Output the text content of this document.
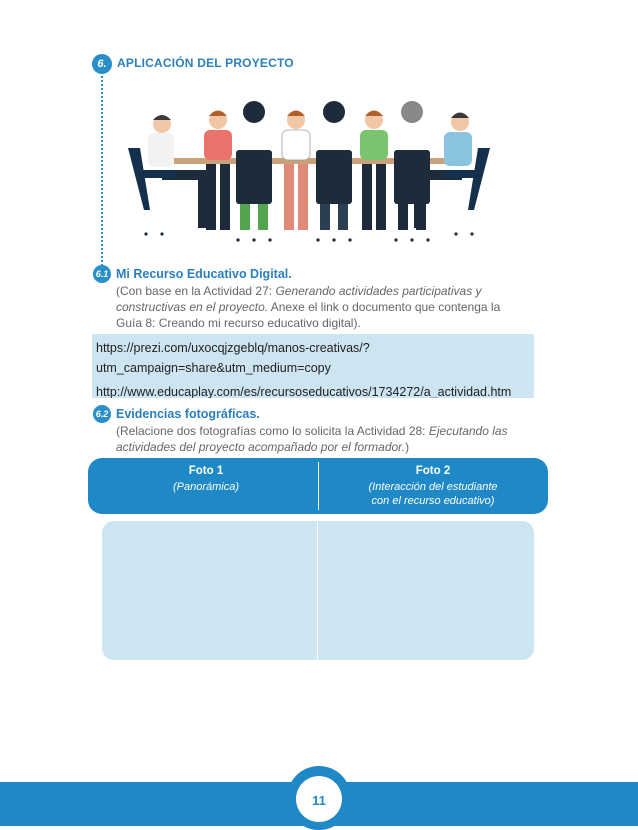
6. APLICACIÓN DEL PROYECTO
6.1 Mi Recurso Educativo Digital.
(Con base en la Actividad 27: Generando actividades participativas y constructivas en el proyecto. Anexe el link o documento que contenga la Guía 8: Creando mi recurso educativo digital).
https://prezi.com/uxocqjzgeblq/manos-creativas/?
utm_campaign=share&utm_medium=copy
http://www.educaplay.com/es/recursoseducativos/1734272/a_actividad.htm
6.2 Evidencias fotográficas.
(Relacione dos fotografías como lo solicita la Actividad 28: Ejecutando las actividades del proyecto acompañado por el formador.)
Foto 1
(Panorámica)
Foto 2
(Interacción del estudiante
con el recurso educativo)
11
